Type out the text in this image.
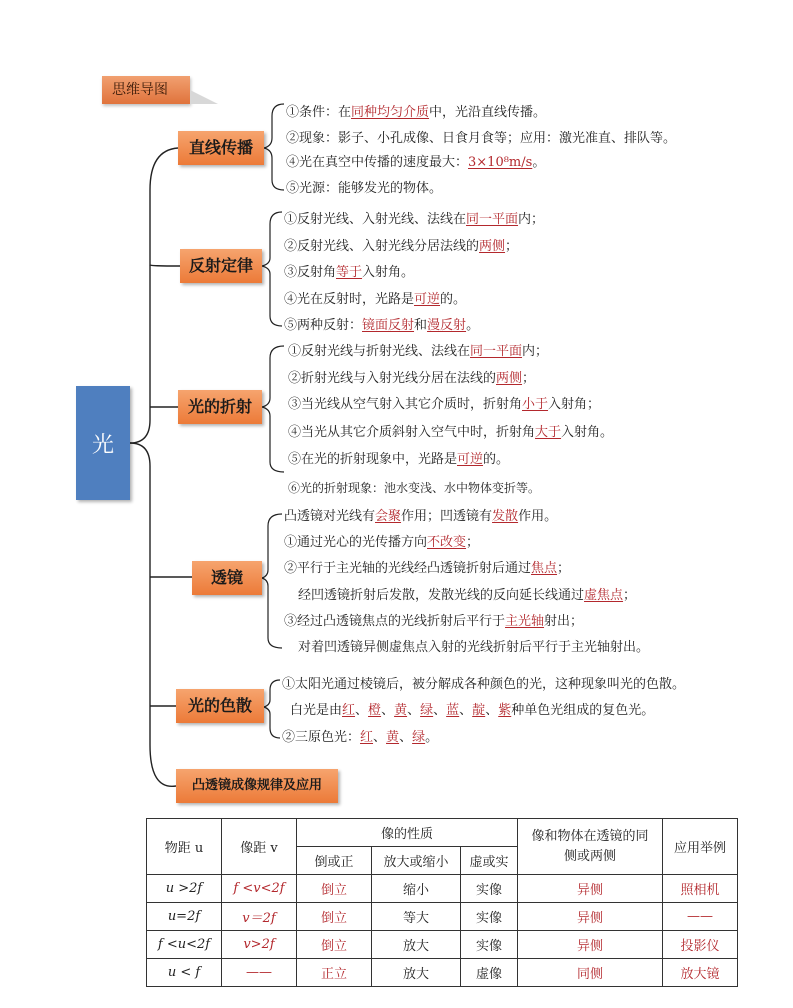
思维导图
光
直线传播
①条件：在同种均匀介质中，光沿直线传播。
②现象：影子、小孔成像、日食月食等；应用：激光准直、排队等。
④光在真空中传播的速度最大：3×10⁸m/s。
⑤光源：能够发光的物体。
反射定律
①反射光线、入射光线、法线在同一平面内；
②反射光线、入射光线分居法线的两侧；
③反射角等于入射角。
④光在反射时，光路是可逆的。
⑤两种反射：镜面反射和漫反射。
光的折射
①反射光线与折射光线、法线在同一平面内；
②折射光线与入射光线分居在法线的两侧；
③当光线从空气射入其它介质时，折射角小于入射角；
④当光从其它介质斜射入空气中时，折射角大于入射角。
⑤在光的折射现象中，光路是可逆的。
⑥光的折射现象：池水变浅、水中物体变折等。
透镜
凸透镜对光线有会聚作用；凹透镜有发散作用。
①通过光心的光传播方向不改变；
②平行于主光轴的光线经凸透镜折射后通过焦点；
经凹透镜折射后发散，发散光线的反向延长线通过虚焦点；
③经过凸透镜焦点的光线折射后平行于主光轴射出；
对着凹透镜异侧虚焦点入射的光线折射后平行于主光轴射出。
光的色散
①太阳光通过棱镜后，被分解成各种颜色的光，这种现象叫光的色散。
白光是由红、橙、黄、绿、蓝、靛、紫种单色光组成的复色光。
②三原色光：红、黄、绿。
凸透镜成像规律及应用
物距 u	像距 v	像的性质			像和物体在透镜的同侧或两侧	应用举例
		倒或正	放大或缩小	虚或实		
u >2f	f <v<2f	倒立	缩小	实像	异侧	照相机
u=2f	v＝2f	倒立	等大	实像	异侧	——
f <u<2f	v>2f	倒立	放大	实像	异侧	投影仪
u < f	——	正立	放大	虚像	同侧	放大镜
